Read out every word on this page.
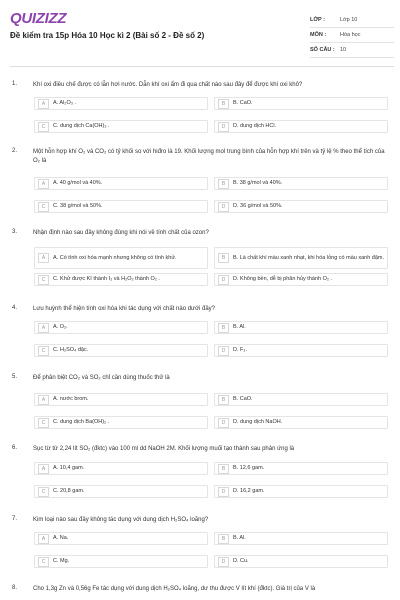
QUIZIZZ
Đề kiểm tra 15p Hóa 10 Học kì 2 (Bài số 2 - Đề số 2)
LỚP :	Lớp 10
MÔN :	Hóa học
SỐ CÂU : 10
1.	Khí oxi điều chế được có lẫn hơi nước. Dẫn khí oxi ẩm đi qua chất nào sau đây để được khí oxi khô?
A	A. Al₂O₃ .	B	B. CaO.
C	C. dung dịch Ca(OH)₂ .	D	D. dung dịch HCl.
2.	Một hỗn hợp khí O₂ và CO₂ có tỷ khối so với hiđro là 19. Khối lượng mol trung bình của hỗn hợp khí trên và tỷ lệ % theo thể tích của O₂ là
A	A. 40 g/mol và 40%.	B	B. 38 g/mol và 40%.
C	C. 38 g/mol và 50%.	D	D. 36 g/mol và 50%.
3.	Nhận định nào sau đây không đúng khi nói về tính chất của ozon?
A	A. Có tính oxi hóa mạnh nhưng không có tính khử.	B	B. Là chất khí màu xanh nhạt, khi hóa lỏng có màu xanh đậm.
C	C. Khử được KI thành I₂ và H₂O₂ thành O₂ .	D	D. Không bền, dễ bị phân hủy thành O₂ .
4.	Lưu huỳnh thể hiện tính oxi hóa khi tác dụng với chất nào dưới đây?
A	A. O₂.	B	B. Al.
C	C. H₂SO₄ đặc.	D	D. F₂.
5.	Để phân biệt CO₂ và SO₂ chỉ cần dùng thuốc thử là
A	A. nước brom.	B	B. CaO.
C	C. dung dịch Ba(OH)₂ .	D	D. dung dịch NaOH.
6.	Sục từ từ 2,24 lít SO₂ (đktc) vào 100 ml dd NaOH 2M. Khối lượng muối tạo thành sau phản ứng là
A	A. 10,4 gam.	B	B. 12,6 gam.
C	C. 20,8 gam.	D	D. 16,2 gam.
7.	Kim loại nào sau đây không tác dụng với dung dịch H₂SO₄ loãng?
A	A. Na.	B	B. Al.
C	C. Mg.	D	D. Cu.
8.	Cho 1,3g Zn và 0,56g Fe tác dụng với dung dịch H₂SO₄ loãng, dư thu được V lít khí (đktc). Giá trị của V là
